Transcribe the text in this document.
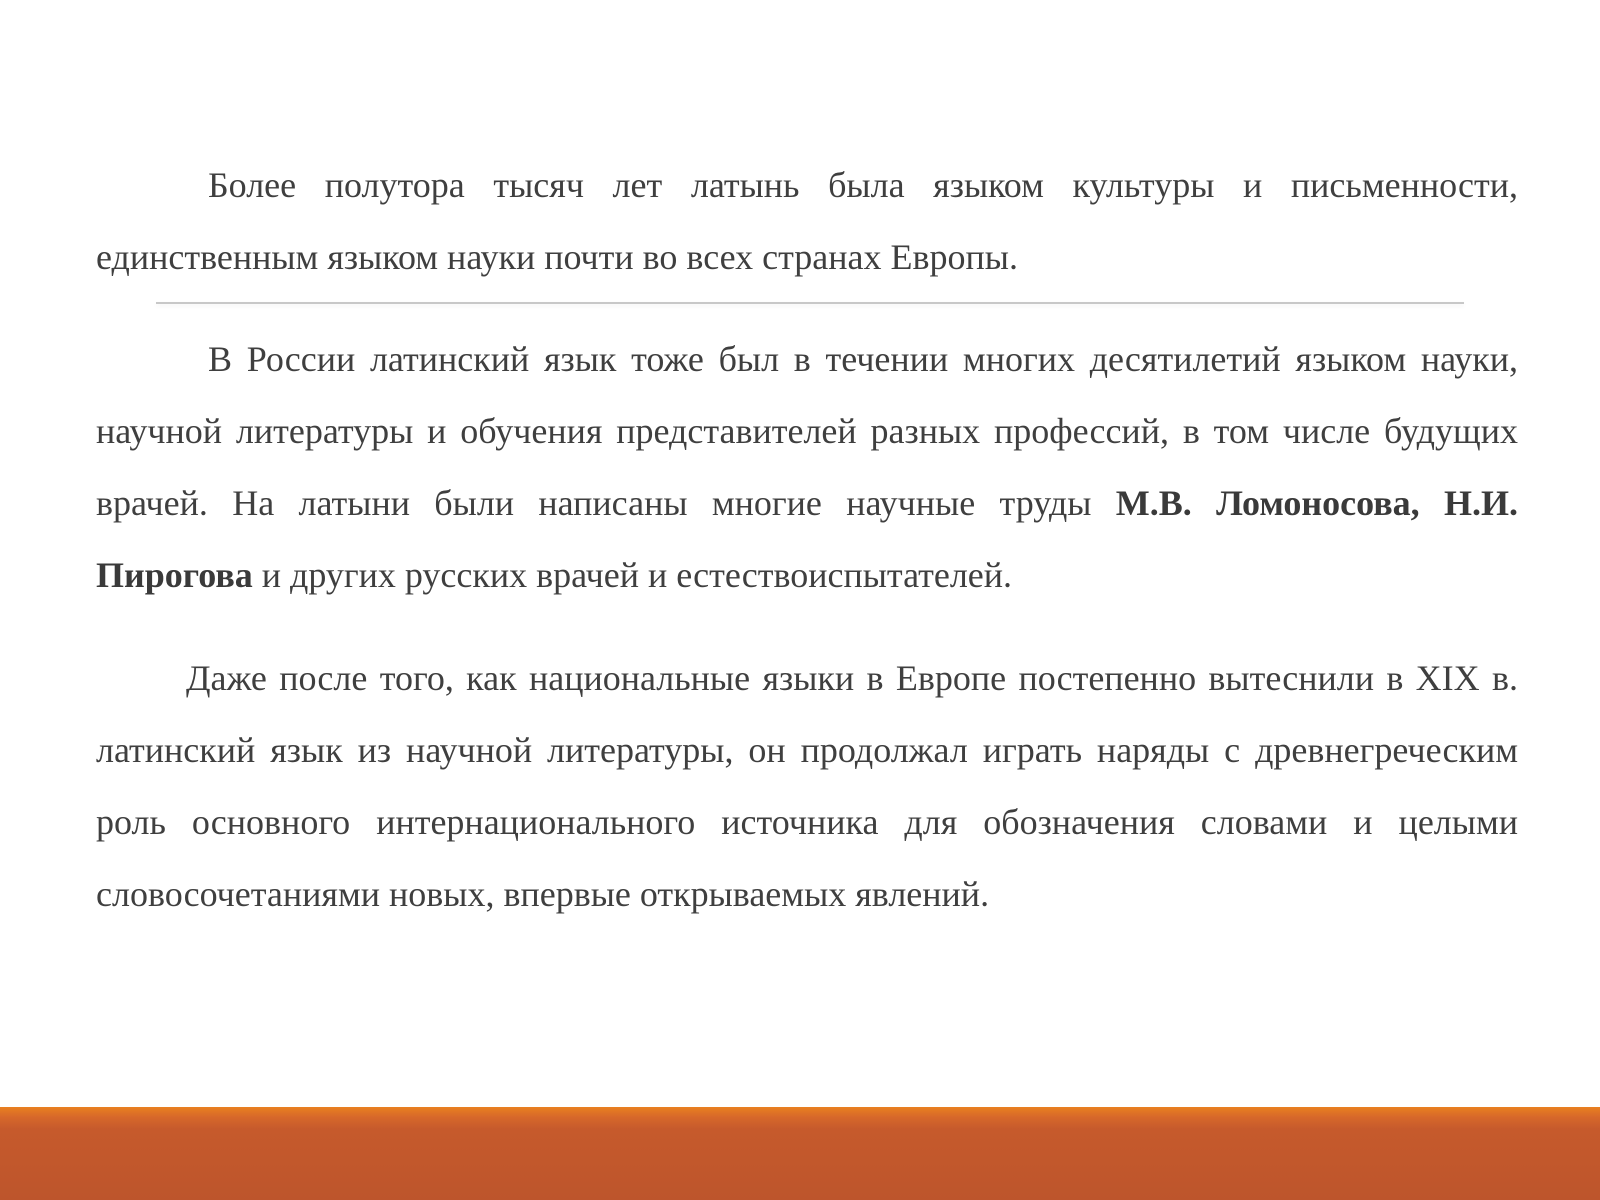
Более полутора тысяч лет латынь была языком культуры и письменности, единственным языком науки почти во всех странах Европы.

В России латинский язык тоже был в течении многих десятилетий языком науки, научной литературы и обучения представителей разных профессий, в том числе будущих врачей. На латыни были написаны многие научные труды М.В. Ломоносова, Н.И. Пирогова и других русских врачей и естествоиспытателей.

Даже после того, как национальные языки в Европе постепенно вытеснили в XIX в. латинский язык из научной литературы, он продолжал играть наряды с древнегреческим роль основного интернационального источника для обозначения словами и целыми словосочетаниями новых, впервые открываемых явлений.
